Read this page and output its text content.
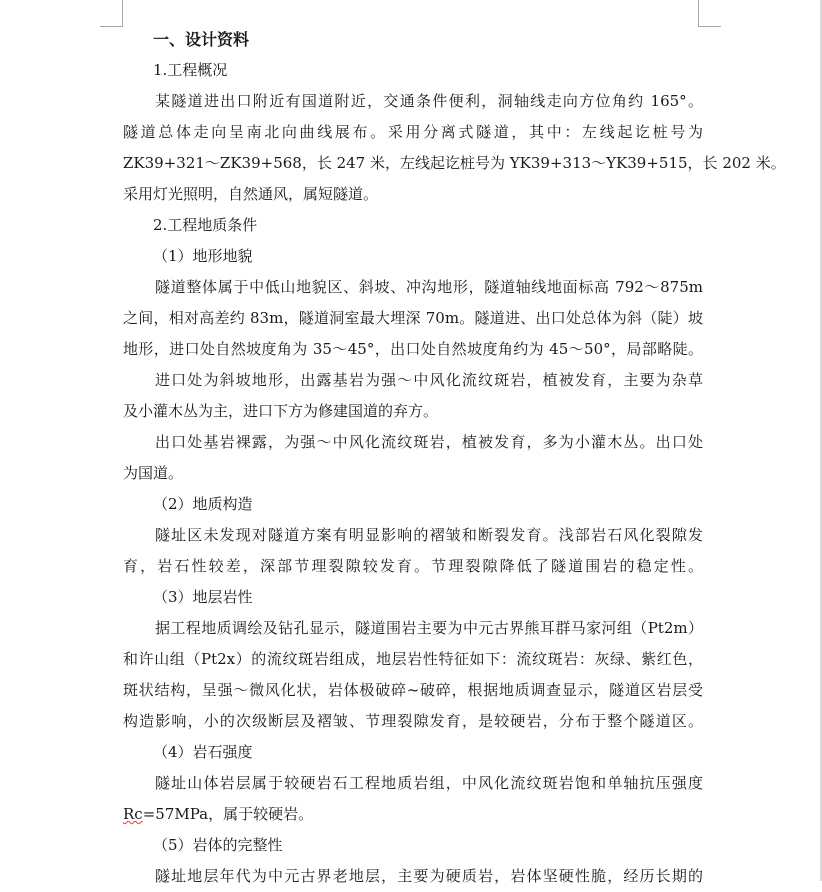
一、设计资料
1.工程概况
某隧道进出口附近有国道附近，交通条件便利，洞轴线走向方位角约 165°。
隧道总体走向呈南北向曲线展布。采用分离式隧道，其中：左线起讫桩号为
ZK39+321～ZK39+568，长 247 米，左线起讫桩号为 YK39+313～YK39+515，长 202 米。
采用灯光照明，自然通风，属短隧道。
2.工程地质条件
（1）地形地貌
隧道整体属于中低山地貌区、斜坡、冲沟地形，隧道轴线地面标高 792～875m
之间，相对高差约 83m，隧道洞室最大埋深 70m。隧道进、出口处总体为斜（陡）坡
地形，进口处自然坡度角为 35～45°，出口处自然坡度角约为 45～50°，局部略陡。
进口处为斜坡地形，出露基岩为强～中风化流纹斑岩，植被发育，主要为杂草
及小灌木丛为主，进口下方为修建国道的弃方。
出口处基岩裸露，为强～中风化流纹斑岩，植被发育，多为小灌木丛。出口处
为国道。
（2）地质构造
隧址区未发现对隧道方案有明显影响的褶皱和断裂发育。浅部岩石风化裂隙发
育，岩石性较差，深部节理裂隙较发育。节理裂隙降低了隧道围岩的稳定性。
（3）地层岩性
据工程地质调绘及钻孔显示，隧道围岩主要为中元古界熊耳群马家河组（Pt2m）
和许山组（Pt2x）的流纹斑岩组成，地层岩性特征如下：流纹斑岩：灰绿、紫红色，
斑状结构，呈强～微风化状，岩体极破碎~破碎，根据地质调查显示，隧道区岩层受
构造影响，小的次级断层及褶皱、节理裂隙发育，是较硬岩，分布于整个隧道区。
（4）岩石强度
隧址山体岩层属于较硬岩石工程地质岩组，中风化流纹斑岩饱和单轴抗压强度
Rc=57MPa，属于较硬岩。
（5）岩体的完整性
隧址地层年代为中元古界老地层，主要为硬质岩，岩体坚硬性脆，经历长期的
